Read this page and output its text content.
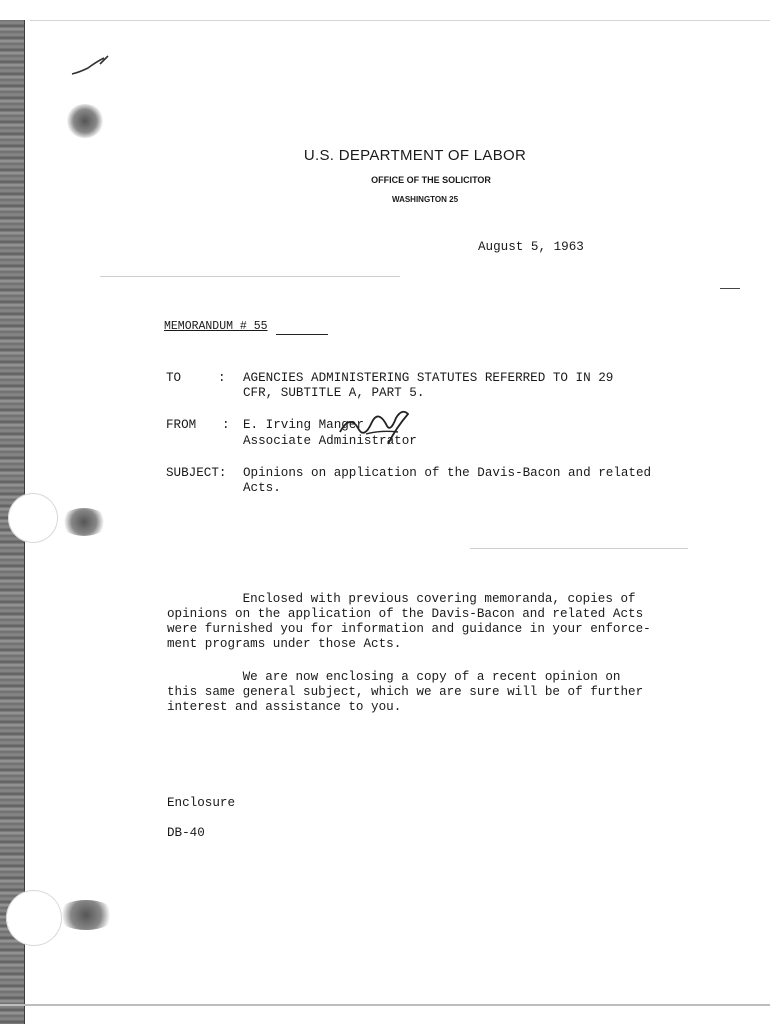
U.S. DEPARTMENT OF LABOR
OFFICE OF THE SOLICITOR
WASHINGTON 25
August 5, 1963
MEMORANDUM # 55
TO	: AGENCIES ADMINISTERING STATUTES REFERRED TO IN 29
CFR, SUBTITLE A, PART 5.
FROM : E. Irving Manger
Associate Administrator
SUBJECT: Opinions on application of the Davis-Bacon and related
Acts.
Enclosed with previous covering memoranda, copies of
opinions on the application of the Davis-Bacon and related Acts
were furnished you for information and guidance in your enforce-
ment programs under those Acts.
We are now enclosing a copy of a recent opinion on
this same general subject, which we are sure will be of further
interest and assistance to you.
Enclosure
DB-40
